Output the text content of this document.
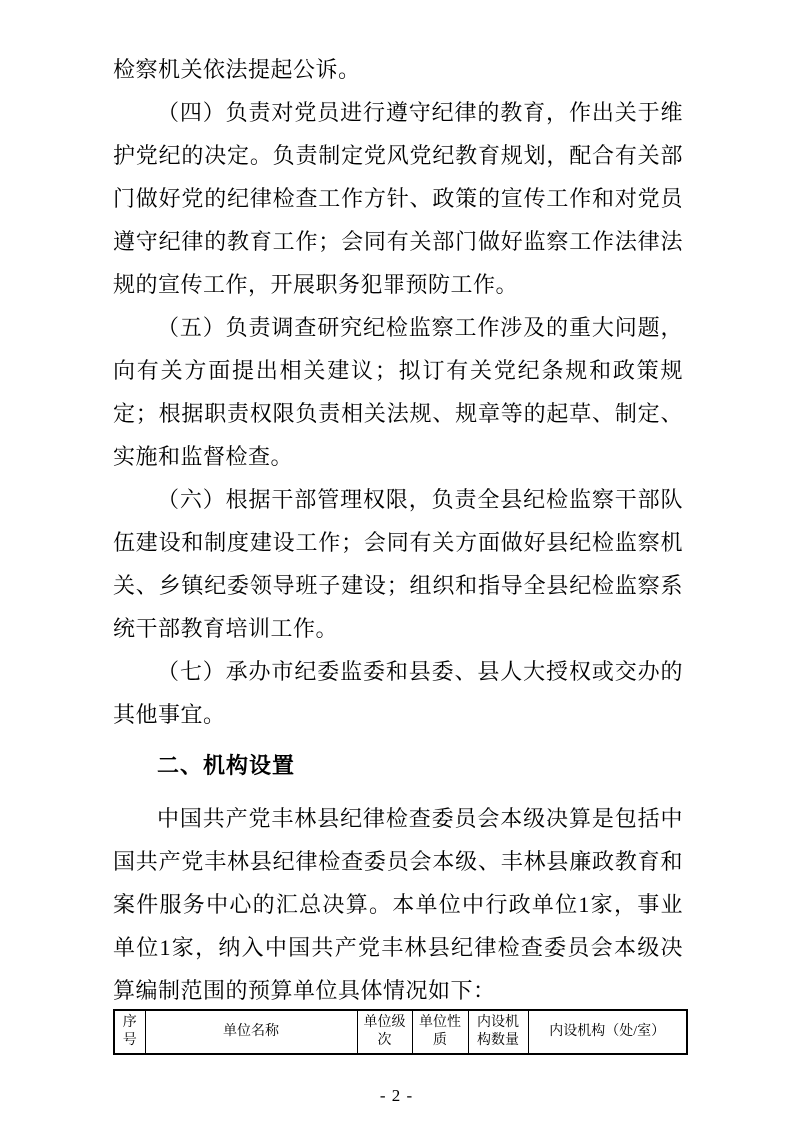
检察机关依法提起公诉。

（四）负责对党员进行遵守纪律的教育，作出关于维护党纪的决定。负责制定党风党纪教育规划，配合有关部门做好党的纪律检查工作方针、政策的宣传工作和对党员遵守纪律的教育工作；会同有关部门做好监察工作法律法规的宣传工作，开展职务犯罪预防工作。

（五）负责调查研究纪检监察工作涉及的重大问题，向有关方面提出相关建议；拟订有关党纪条规和政策规定；根据职责权限负责相关法规、规章等的起草、制定、实施和监督检查。

（六）根据干部管理权限，负责全县纪检监察干部队伍建设和制度建设工作；会同有关方面做好县纪检监察机关、乡镇纪委领导班子建设；组织和指导全县纪检监察系统干部教育培训工作。

（七）承办市纪委监委和县委、县人大授权或交办的其他事宜。

二、机构设置

中国共产党丰林县纪律检查委员会本级决算是包括中国共产党丰林县纪律检查委员会本级、丰林县廉政教育和案件服务中心的汇总决算。本单位中行政单位1家，事业单位1家，纳入中国共产党丰林县纪律检查委员会本级决算编制范围的预算单位具体情况如下：

序号	单位名称	单位级次	单位性质	内设机构数量	内设机构（处/室）
- 2 -
